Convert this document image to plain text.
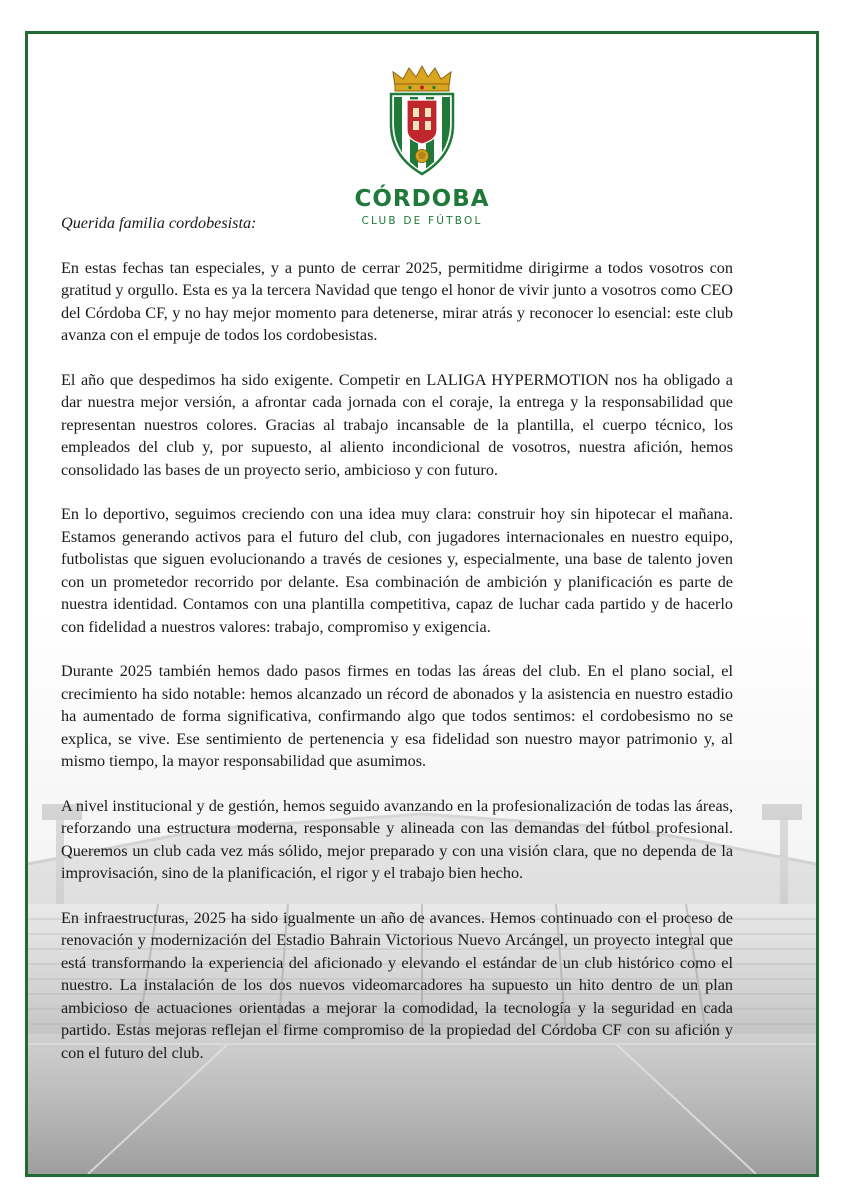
CÓRDOBA
CLUB DE FÚTBOL

Querida familia cordobesista:

En estas fechas tan especiales, y a punto de cerrar 2025, permitidme dirigirme a todos vosotros con gratitud y orgullo. Esta es ya la tercera Navidad que tengo el honor de vivir junto a vosotros como CEO del Córdoba CF, y no hay mejor momento para detenerse, mirar atrás y reconocer lo esencial: este club avanza con el empuje de todos los cordobesistas.

El año que despedimos ha sido exigente. Competir en LALIGA HYPERMOTION nos ha obligado a dar nuestra mejor versión, a afrontar cada jornada con el coraje, la entrega y la responsabilidad que representan nuestros colores. Gracias al trabajo incansable de la plantilla, el cuerpo técnico, los empleados del club y, por supuesto, al aliento incondicional de vosotros, nuestra afición, hemos consolidado las bases de un proyecto serio, ambicioso y con futuro.

En lo deportivo, seguimos creciendo con una idea muy clara: construir hoy sin hipotecar el mañana. Estamos generando activos para el futuro del club, con jugadores internacionales en nuestro equipo, futbolistas que siguen evolucionando a través de cesiones y, especialmente, una base de talento joven con un prometedor recorrido por delante. Esa combinación de ambición y planificación es parte de nuestra identidad. Contamos con una plantilla competitiva, capaz de luchar cada partido y de hacerlo con fidelidad a nuestros valores: trabajo, compromiso y exigencia.

Durante 2025 también hemos dado pasos firmes en todas las áreas del club. En el plano social, el crecimiento ha sido notable: hemos alcanzado un récord de abonados y la asistencia en nuestro estadio ha aumentado de forma significativa, confirmando algo que todos sentimos: el cordobesismo no se explica, se vive. Ese sentimiento de pertenencia y esa fidelidad son nuestro mayor patrimonio y, al mismo tiempo, la mayor responsabilidad que asumimos.

A nivel institucional y de gestión, hemos seguido avanzando en la profesionalización de todas las áreas, reforzando una estructura moderna, responsable y alineada con las demandas del fútbol profesional. Queremos un club cada vez más sólido, mejor preparado y con una visión clara, que no dependa de la improvisación, sino de la planificación, el rigor y el trabajo bien hecho.

En infraestructuras, 2025 ha sido igualmente un año de avances. Hemos continuado con el proceso de renovación y modernización del Estadio Bahrain Victorious Nuevo Arcángel, un proyecto integral que está transformando la experiencia del aficionado y elevando el estándar de un club histórico como el nuestro. La instalación de los dos nuevos videomarcadores ha supuesto un hito dentro de un plan ambicioso de actuaciones orientadas a mejorar la comodidad, la tecnología y la seguridad en cada partido. Estas mejoras reflejan el firme compromiso de la propiedad del Córdoba CF con su afición y con el futuro del club.
